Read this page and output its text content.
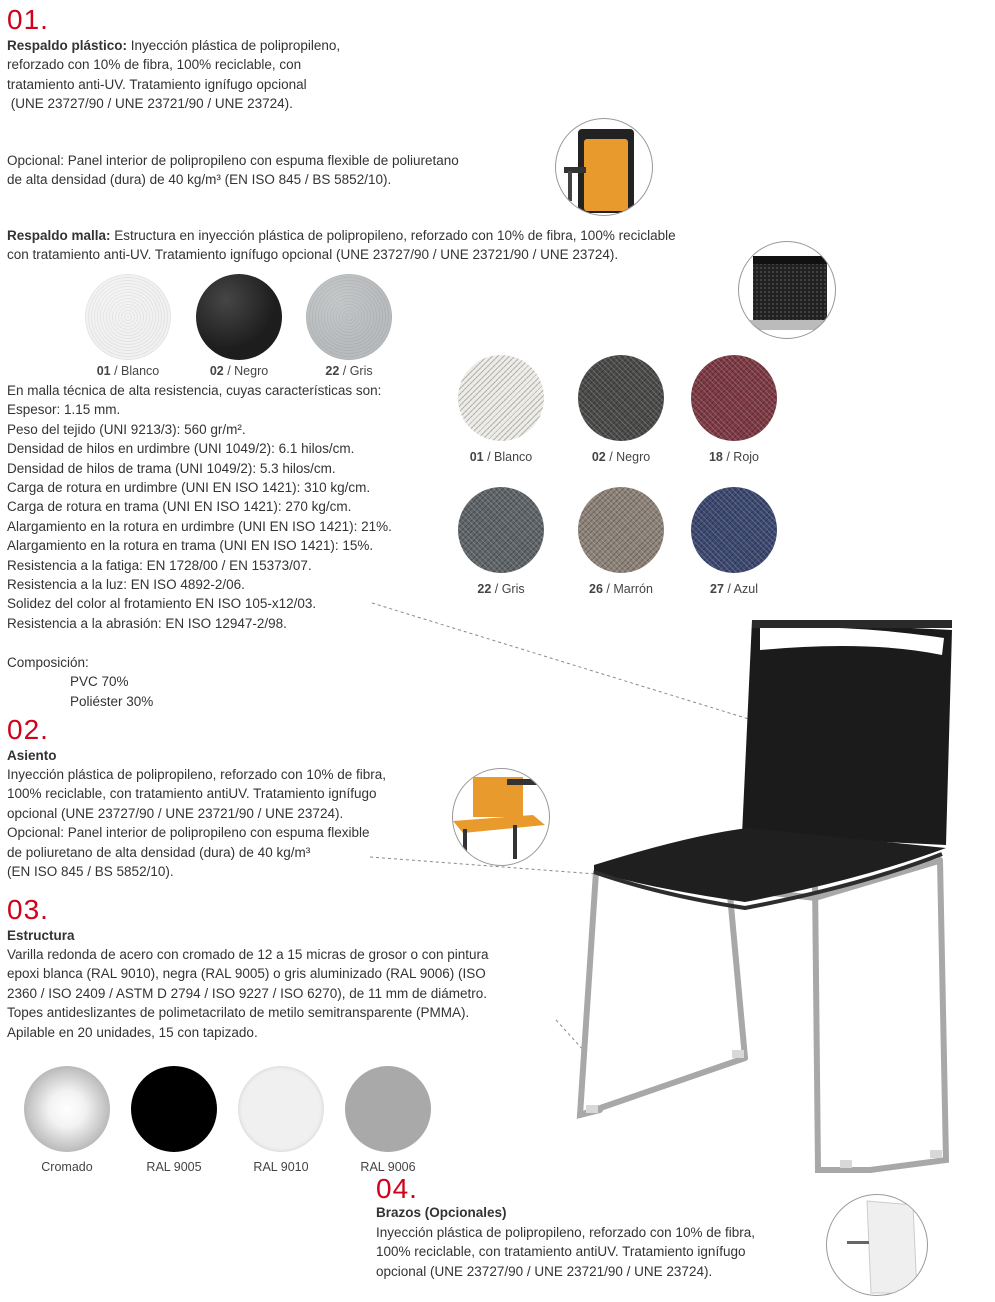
01.
Respaldo plástico: Inyección plástica de polipropileno,
reforzado con 10% de fibra, 100% reciclable, con
tratamiento anti-UV. Tratamiento ignífugo opcional
(UNE 23727/90 / UNE 23721/90 / UNE 23724).
Opcional: Panel interior de polipropileno con espuma flexible de poliuretano
de alta densidad (dura) de 40 kg/m³ (EN ISO 845 / BS 5852/10).
Respaldo malla: Estructura en inyección plástica de polipropileno, reforzado con 10% de fibra, 100% reciclable
con tratamiento anti-UV. Tratamiento ignífugo opcional (UNE 23727/90 / UNE 23721/90 / UNE 23724).
01 / Blanco	02 / Negro	22 / Gris
En malla técnica de alta resistencia, cuyas características son:
Espesor: 1.15 mm.
Peso del tejido (UNI 9213/3): 560 gr/m².
Densidad de hilos en urdimbre (UNI 1049/2): 6.1 hilos/cm.
Densidad de hilos de trama (UNI 1049/2): 5.3 hilos/cm.
Carga de rotura en urdimbre (UNI EN ISO 1421): 310 kg/cm.
Carga de rotura en trama (UNI EN ISO 1421): 270 kg/cm.
Alargamiento en la rotura en urdimbre (UNI EN ISO 1421): 21%.
Alargamiento en la rotura en trama (UNI EN ISO 1421): 15%.
Resistencia a la fatiga: EN 1728/00 / EN 15373/07.
Resistencia a la luz: EN ISO 4892-2/06.
Solidez del color al frotamiento EN ISO 105-x12/03.
Resistencia a la abrasión: EN ISO 12947-2/98.
Composición:
PVC 70%
Poliéster 30%
01 / Blanco	02 / Negro	18 / Rojo
22 / Gris	26 / Marrón	27 / Azul
02.
Asiento
Inyección plástica de polipropileno, reforzado con 10% de fibra,
100% reciclable, con tratamiento antiUV. Tratamiento ignífugo
opcional (UNE 23727/90 / UNE 23721/90 / UNE 23724).
Opcional: Panel interior de polipropileno con espuma flexible
de poliuretano de alta densidad (dura) de 40 kg/m³
(EN ISO 845 / BS 5852/10).
03.
Estructura
Varilla redonda de acero con cromado de 12 a 15 micras de grosor o con pintura
epoxi blanca (RAL 9010), negra (RAL 9005) o gris aluminizado (RAL 9006) (ISO
2360 / ISO 2409 / ASTM D 2794 / ISO 9227 / ISO 6270), de 11 mm de diámetro.
Topes antideslizantes de polimetacrilato de metilo semitransparente (PMMA).
Apilable en 20 unidades, 15 con tapizado.
Cromado	RAL 9005	RAL 9010	RAL 9006
04.
Brazos (Opcionales)
Inyección plástica de polipropileno, reforzado con 10% de fibra,
100% reciclable, con tratamiento antiUV. Tratamiento ignífugo
opcional (UNE 23727/90 / UNE 23721/90 / UNE 23724).
